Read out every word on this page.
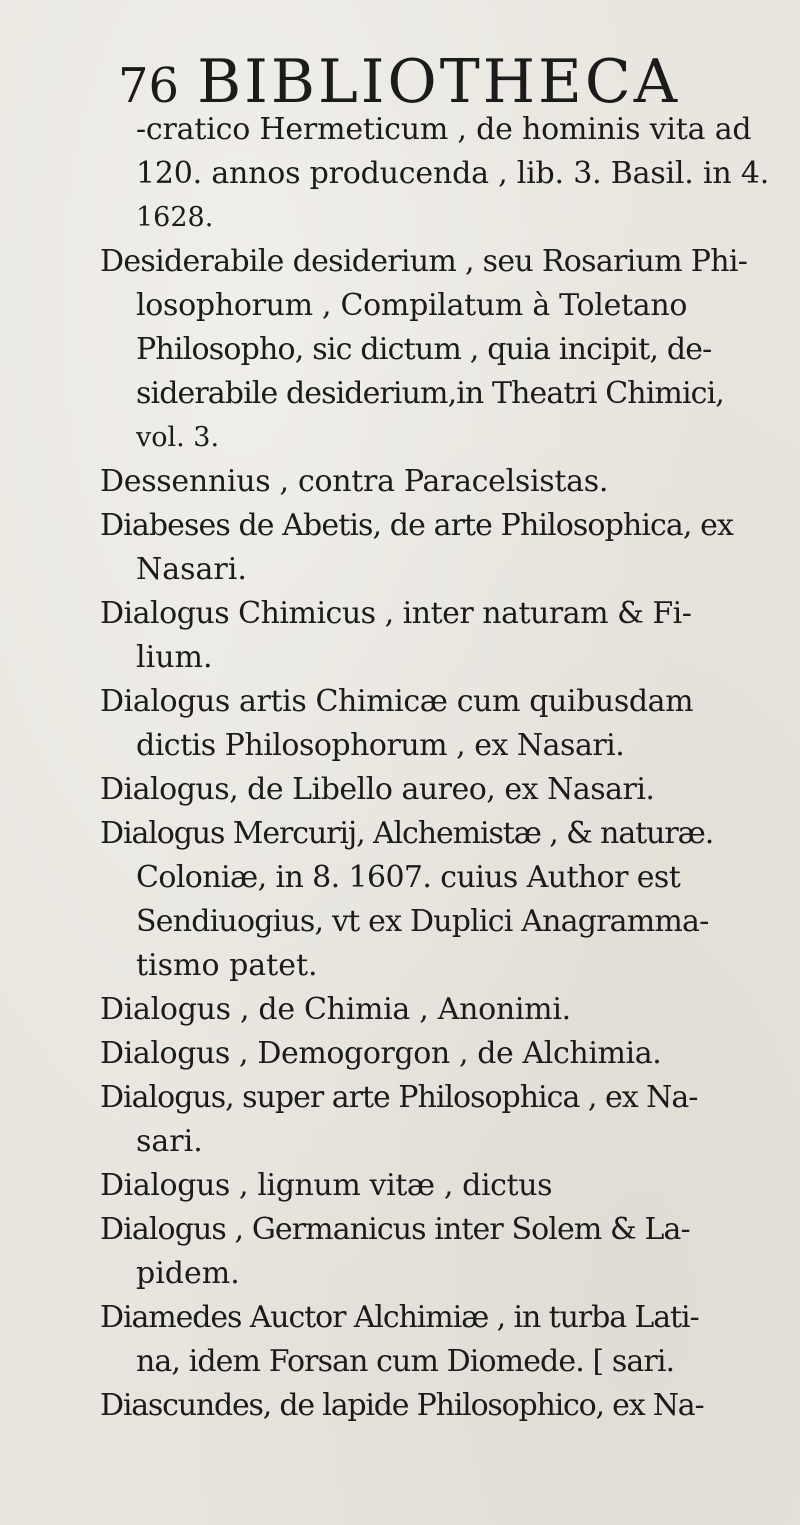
76 BIBLIOTHECA
-cratico Hermeticum , de hominis vita ad
120. annos producenda , lib. 3. Basil. in 4.
1628.
Desiderabile desiderium , seu Rosarium Phi-
losophorum , Compilatum à Toletano
Philosopho, sic dictum , quia incipit, de-
siderabile desiderium,in Theatri Chimici,
vol. 3.
Dessennius , contra Paracelsistas.
Diabeses de Abetis, de arte Philosophica, ex
Nasari.
Dialogus Chimicus , inter naturam & Fi-
lium.
Dialogus artis Chimicæ cum quibusdam
dictis Philosophorum , ex Nasari.
Dialogus, de Libello aureo, ex Nasari.
Dialogus Mercurij, Alchemistæ , & naturæ.
Coloniæ, in 8. 1607. cuius Author est
Sendiuogius, vt ex Duplici Anagramma-
tismo patet.
Dialogus , de Chimia , Anonimi.
Dialogus , Demogorgon , de Alchimia.
Dialogus, super arte Philosophica , ex Na-
sari.
Dialogus , lignum vitæ , dictus
Dialogus , Germanicus inter Solem & La-
pidem.
Diamedes Auctor Alchimiæ , in turba Lati-
na, idem Forsan cum Diomede. [ sari.
Diascundes, de lapide Philosophico, ex Na-
